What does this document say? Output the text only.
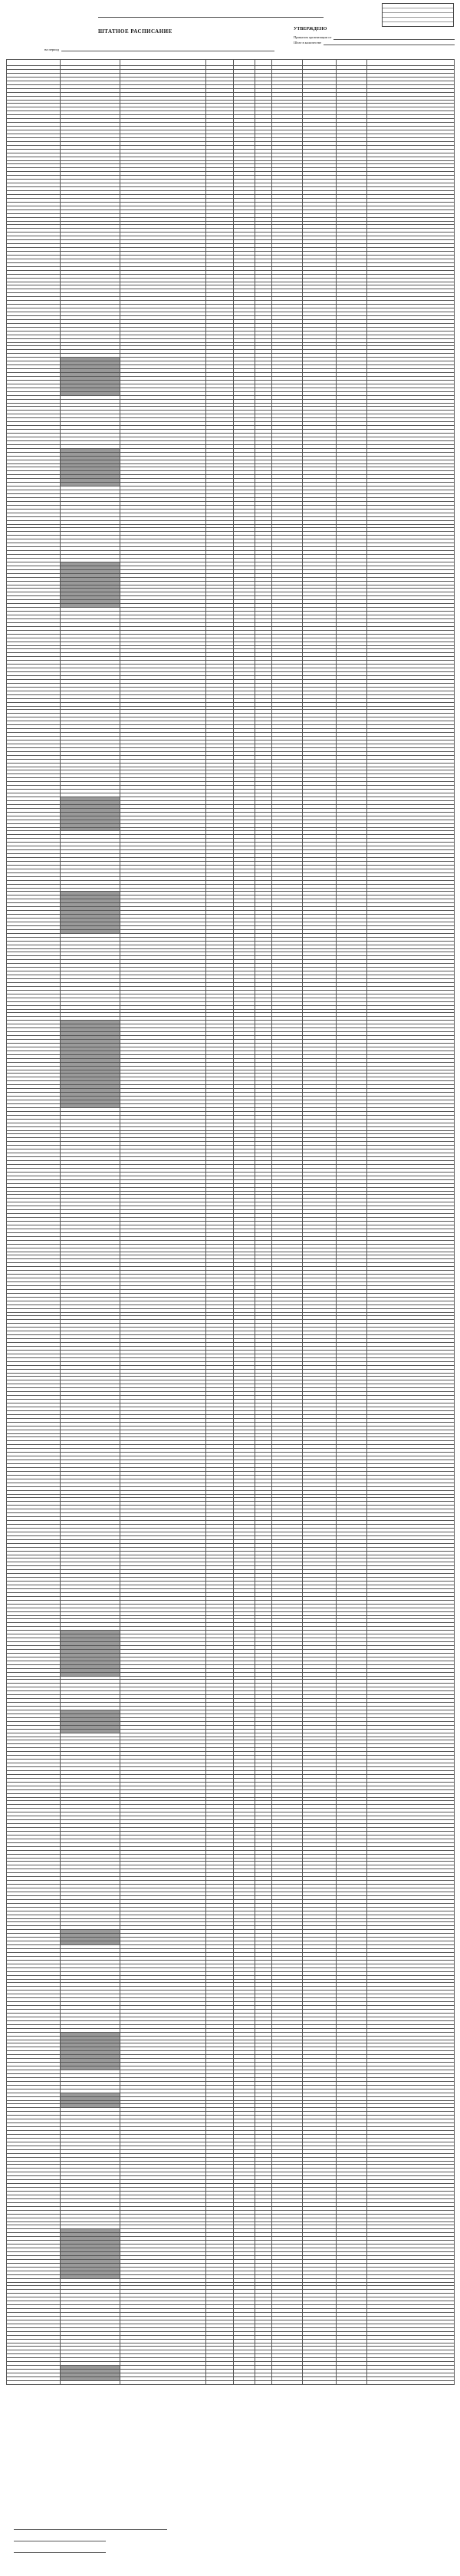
ШТАТНОЕ РАСПИСАНИЕ	УТВЕРЖДЕНО
Приказом организации от
Штат в количестве
на период
